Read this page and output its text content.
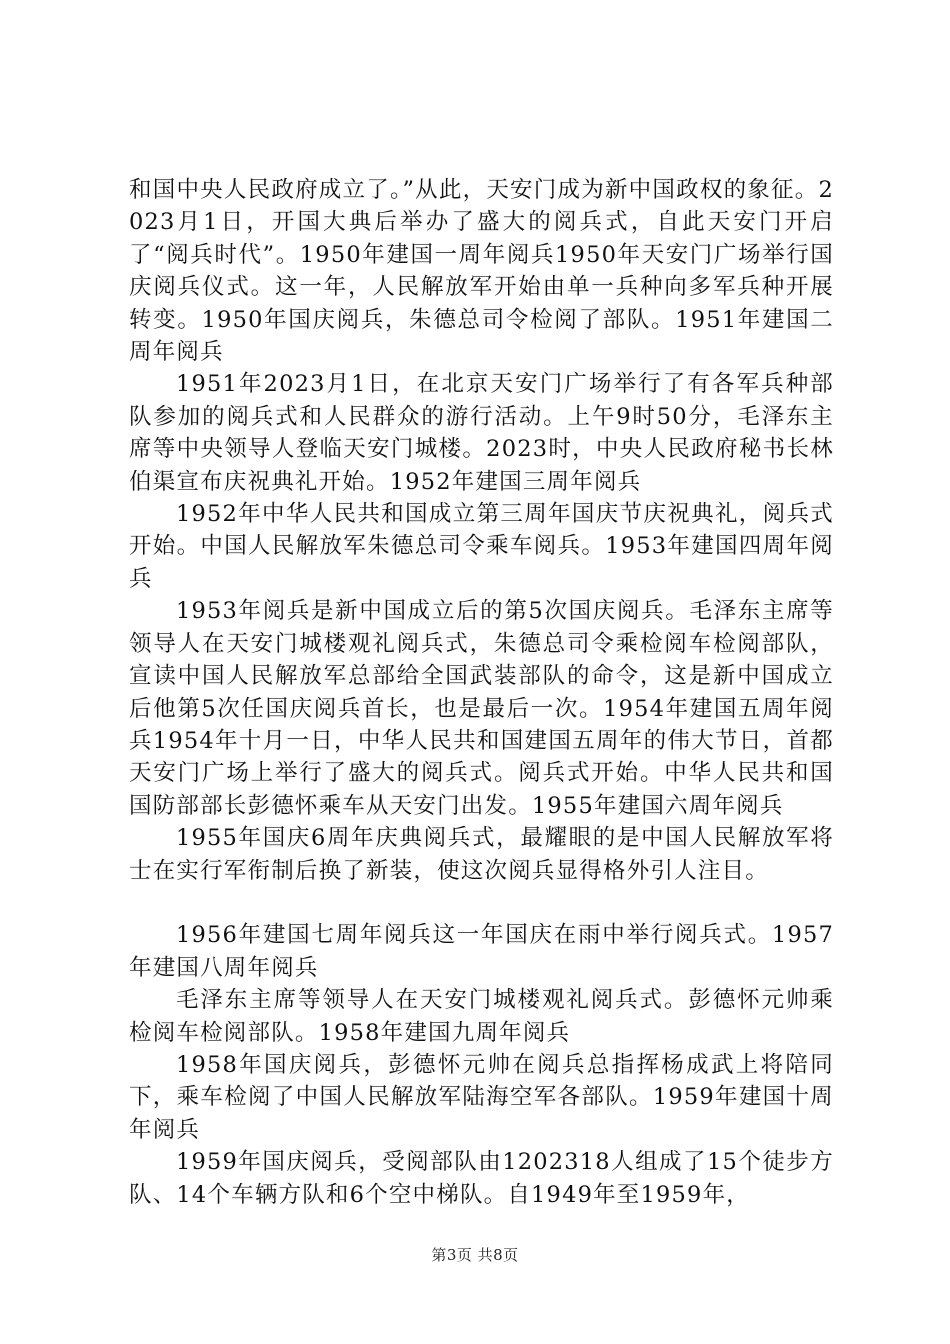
和国中央人民政府成立了。”从此，天安门成为新中国政权的象征。2023月1日，开国大典后举办了盛大的阅兵式，自此天安门开启了“阅兵时代”。1950年建国一周年阅兵1950年天安门广场举行国庆阅兵仪式。这一年，人民解放军开始由单一兵种向多军兵种开展转变。1950年国庆阅兵，朱德总司令检阅了部队。1951年建国二周年阅兵

1951年2023月1日，在北京天安门广场举行了有各军兵种部队参加的阅兵式和人民群众的游行活动。上午9时50分，毛泽东主席等中央领导人登临天安门城楼。2023时，中央人民政府秘书长林伯渠宣布庆祝典礼开始。1952年建国三周年阅兵

1952年中华人民共和国成立第三周年国庆节庆祝典礼，阅兵式开始。中国人民解放军朱德总司令乘车阅兵。1953年建国四周年阅兵

1953年阅兵是新中国成立后的第5次国庆阅兵。毛泽东主席等领导人在天安门城楼观礼阅兵式，朱德总司令乘检阅车检阅部队，宣读中国人民解放军总部给全国武装部队的命令，这是新中国成立后他第5次任国庆阅兵首长，也是最后一次。1954年建国五周年阅兵1954年十月一日，中华人民共和国建国五周年的伟大节日，首都天安门广场上举行了盛大的阅兵式。阅兵式开始。中华人民共和国国防部部长彭德怀乘车从天安门出发。1955年建国六周年阅兵

1955年国庆6周年庆典阅兵式，最耀眼的是中国人民解放军将士在实行军衔制后换了新装，使这次阅兵显得格外引人注目。

1956年建国七周年阅兵这一年国庆在雨中举行阅兵式。1957年建国八周年阅兵

毛泽东主席等领导人在天安门城楼观礼阅兵式。彭德怀元帅乘检阅车检阅部队。1958年建国九周年阅兵

1958年国庆阅兵，彭德怀元帅在阅兵总指挥杨成武上将陪同下，乘车检阅了中国人民解放军陆海空军各部队。1959年建国十周年阅兵

1959年国庆阅兵，受阅部队由1202318人组成了15个徒步方队、14个车辆方队和6个空中梯队。自1949年至1959年，

第3页 共8页
